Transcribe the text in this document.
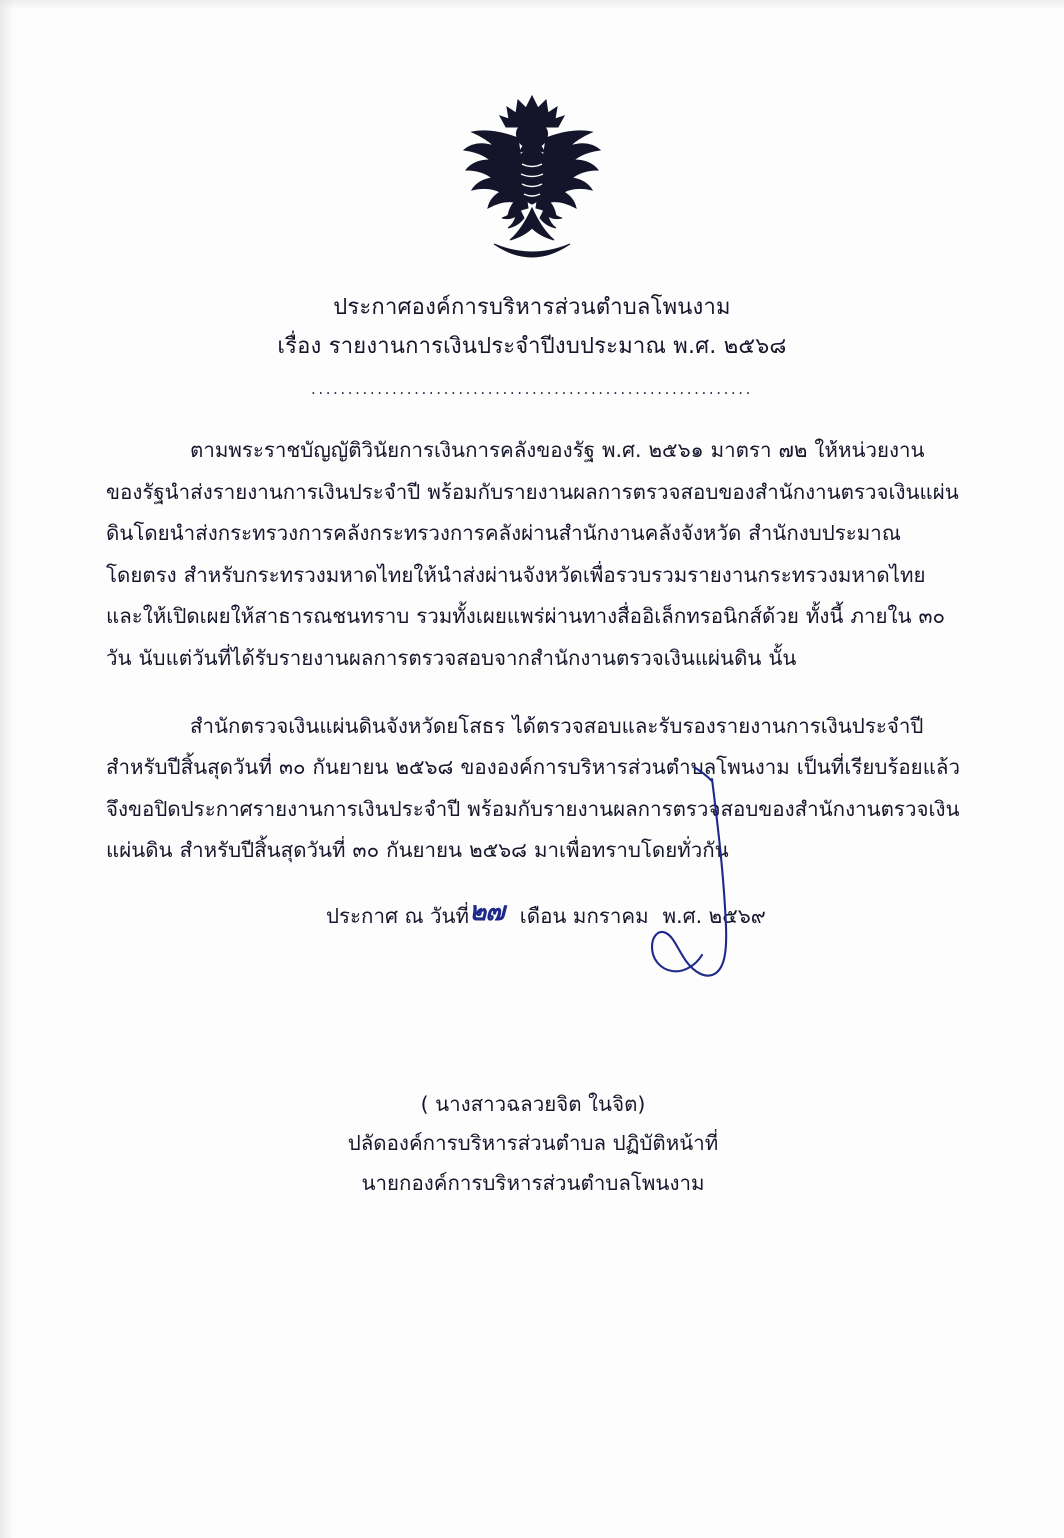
ประกาศองค์การบริหารส่วนตำบลโพนงาม
เรื่อง รายงานการเงินประจำปีงบประมาณ พ.ศ. ๒๕๖๘
............................................................
ตามพระราชบัญญัติวินัยการเงินการคลังของรัฐ พ.ศ. ๒๕๖๑ มาตรา ๗๒ ให้หน่วยงานของรัฐนำส่งรายงานการเงินประจำปี พร้อมกับรายงานผลการตรวจสอบของสำนักงานตรวจเงินแผ่นดินโดยนำส่งกระทรวงการคลังกระทรวงการคลังผ่านสำนักงานคลังจังหวัด สำนักงบประมาณโดยตรง สำหรับกระทรวงมหาดไทยให้นำส่งผ่านจังหวัดเพื่อรวบรวมรายงานกระทรวงมหาดไทย และให้เปิดเผยให้สาธารณชนทราบ รวมทั้งเผยแพร่ผ่านทางสื่ออิเล็กทรอนิกส์ด้วย ทั้งนี้ ภายใน ๓๐ วัน นับแต่วันที่ได้รับรายงานผลการตรวจสอบจากสำนักงานตรวจเงินแผ่นดิน นั้น
สำนักตรวจเงินแผ่นดินจังหวัดยโสธร ได้ตรวจสอบและรับรองรายงานการเงินประจำปี สำหรับปีสิ้นสุดวันที่ ๓๐ กันยายน ๒๕๖๘ ขององค์การบริหารส่วนตำบลโพนงาม เป็นที่เรียบร้อยแล้ว จึงขอปิดประกาศรายงานการเงินประจำปี พร้อมกับรายงานผลการตรวจสอบของสำนักงานตรวจเงินแผ่นดิน สำหรับปีสิ้นสุดวันที่ ๓๐ กันยายน ๒๕๖๘ มาเพื่อทราบโดยทั่วกัน
ประกาศ ณ วันที่๒๗ เดือน มกราคม พ.ศ. ๒๕๖๙
( นางสาวฉลวยจิต ในจิต)
ปลัดองค์การบริหารส่วนตำบล ปฏิบัติหน้าที่
นายกองค์การบริหารส่วนตำบลโพนงาม
